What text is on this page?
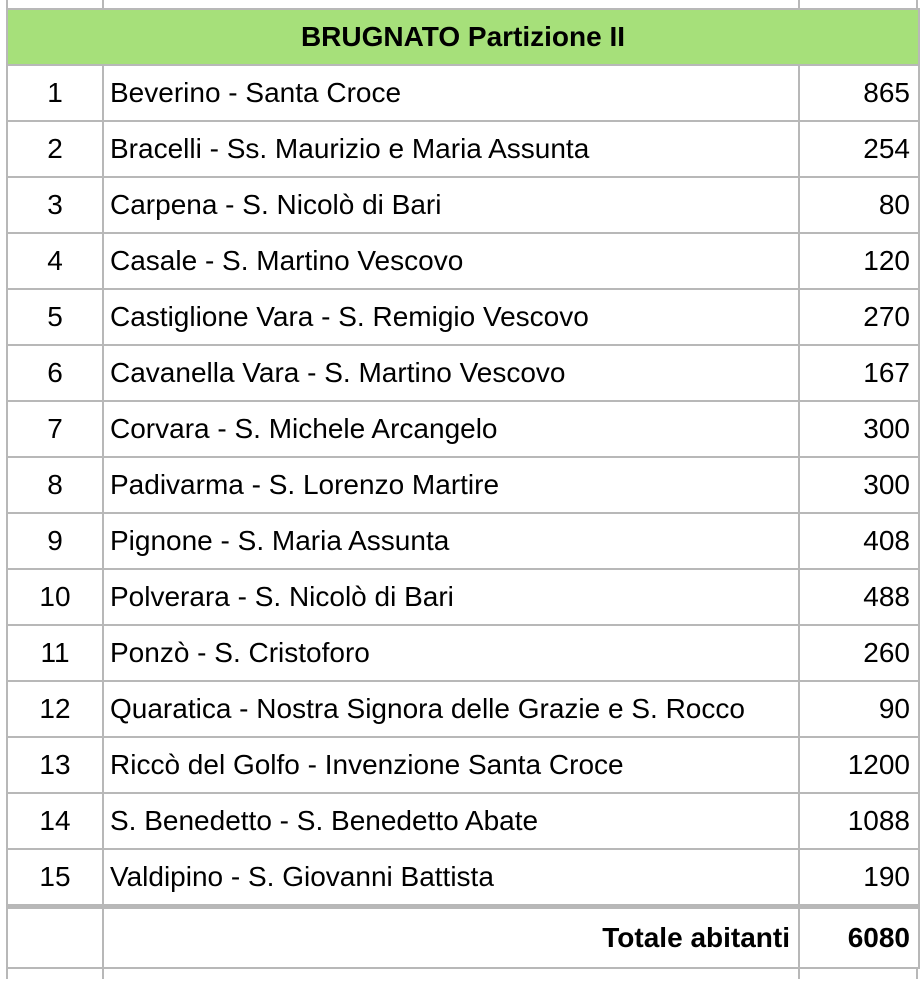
BRUGNATO Partizione II		
1	Beverino - Santa Croce	865
2	Bracelli - Ss. Maurizio e Maria Assunta	254
3	Carpena - S. Nicolò di Bari	80
4	Casale - S. Martino Vescovo	120
5	Castiglione Vara - S. Remigio Vescovo	270
6	Cavanella Vara - S. Martino Vescovo	167
7	Corvara - S. Michele Arcangelo	300
8	Padivarma - S. Lorenzo Martire	300
9	Pignone - S. Maria Assunta	408
10	Polverara - S. Nicolò di Bari	488
11	Ponzò - S. Cristoforo	260
12	Quaratica - Nostra Signora delle Grazie e S. Rocco	90
13	Riccò del Golfo - Invenzione Santa Croce	1200
14	S. Benedetto - S. Benedetto Abate	1088
15	Valdipino - S. Giovanni Battista	190
	Totale abitanti	6080
